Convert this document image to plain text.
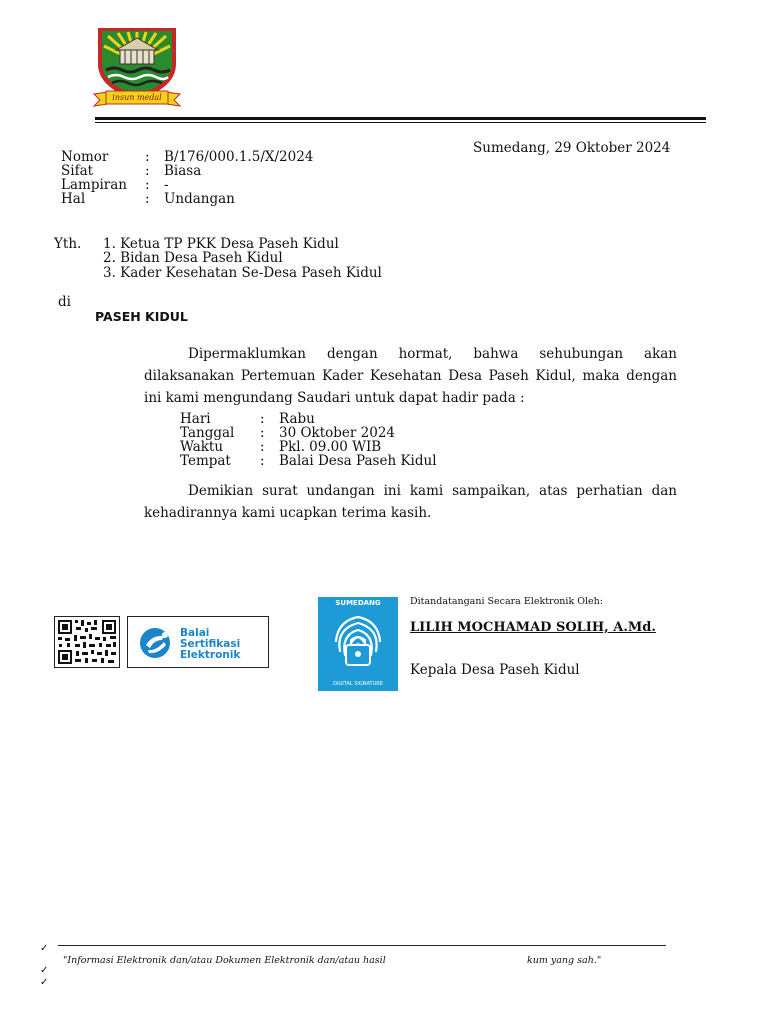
insun medal
Sumedang, 29 Oktober 2024
Nomor	: B/176/000.1.5/X/2024
Sifat	: Biasa
Lampiran : -
Hal	: Undangan
Yth. 1. Ketua TP PKK Desa Paseh Kidul
2. Bidan Desa Paseh Kidul
3. Kader Kesehatan Se-Desa Paseh Kidul
di
PASEH KIDUL
Dipermaklumkan dengan hormat, bahwa sehubungan akan dilaksanakan Pertemuan Kader Kesehatan Desa Paseh Kidul, maka dengan ini kami mengundang Saudari untuk dapat hadir pada :
Hari	: Rabu
Tanggal : 30 Oktober 2024
Waktu	: Pkl. 09.00 WIB
Tempat : Balai Desa Paseh Kidul
Demikian surat undangan ini kami sampaikan, atas perhatian dan kehadirannya kami ucapkan terima kasih.
Balai
Sertifikasi
Elektronik
SUMEDANG
DIGITAL SIGNATURE
Ditandatangani Secara Elektronik Oleh:
LILIH MOCHAMAD SOLIH, A.Md.
Kepala Desa Paseh Kidul
✓
✓
✓
"Informasi Elektronik dan/atau Dokumen Elektronik dan/atau hasil	kum yang sah."
